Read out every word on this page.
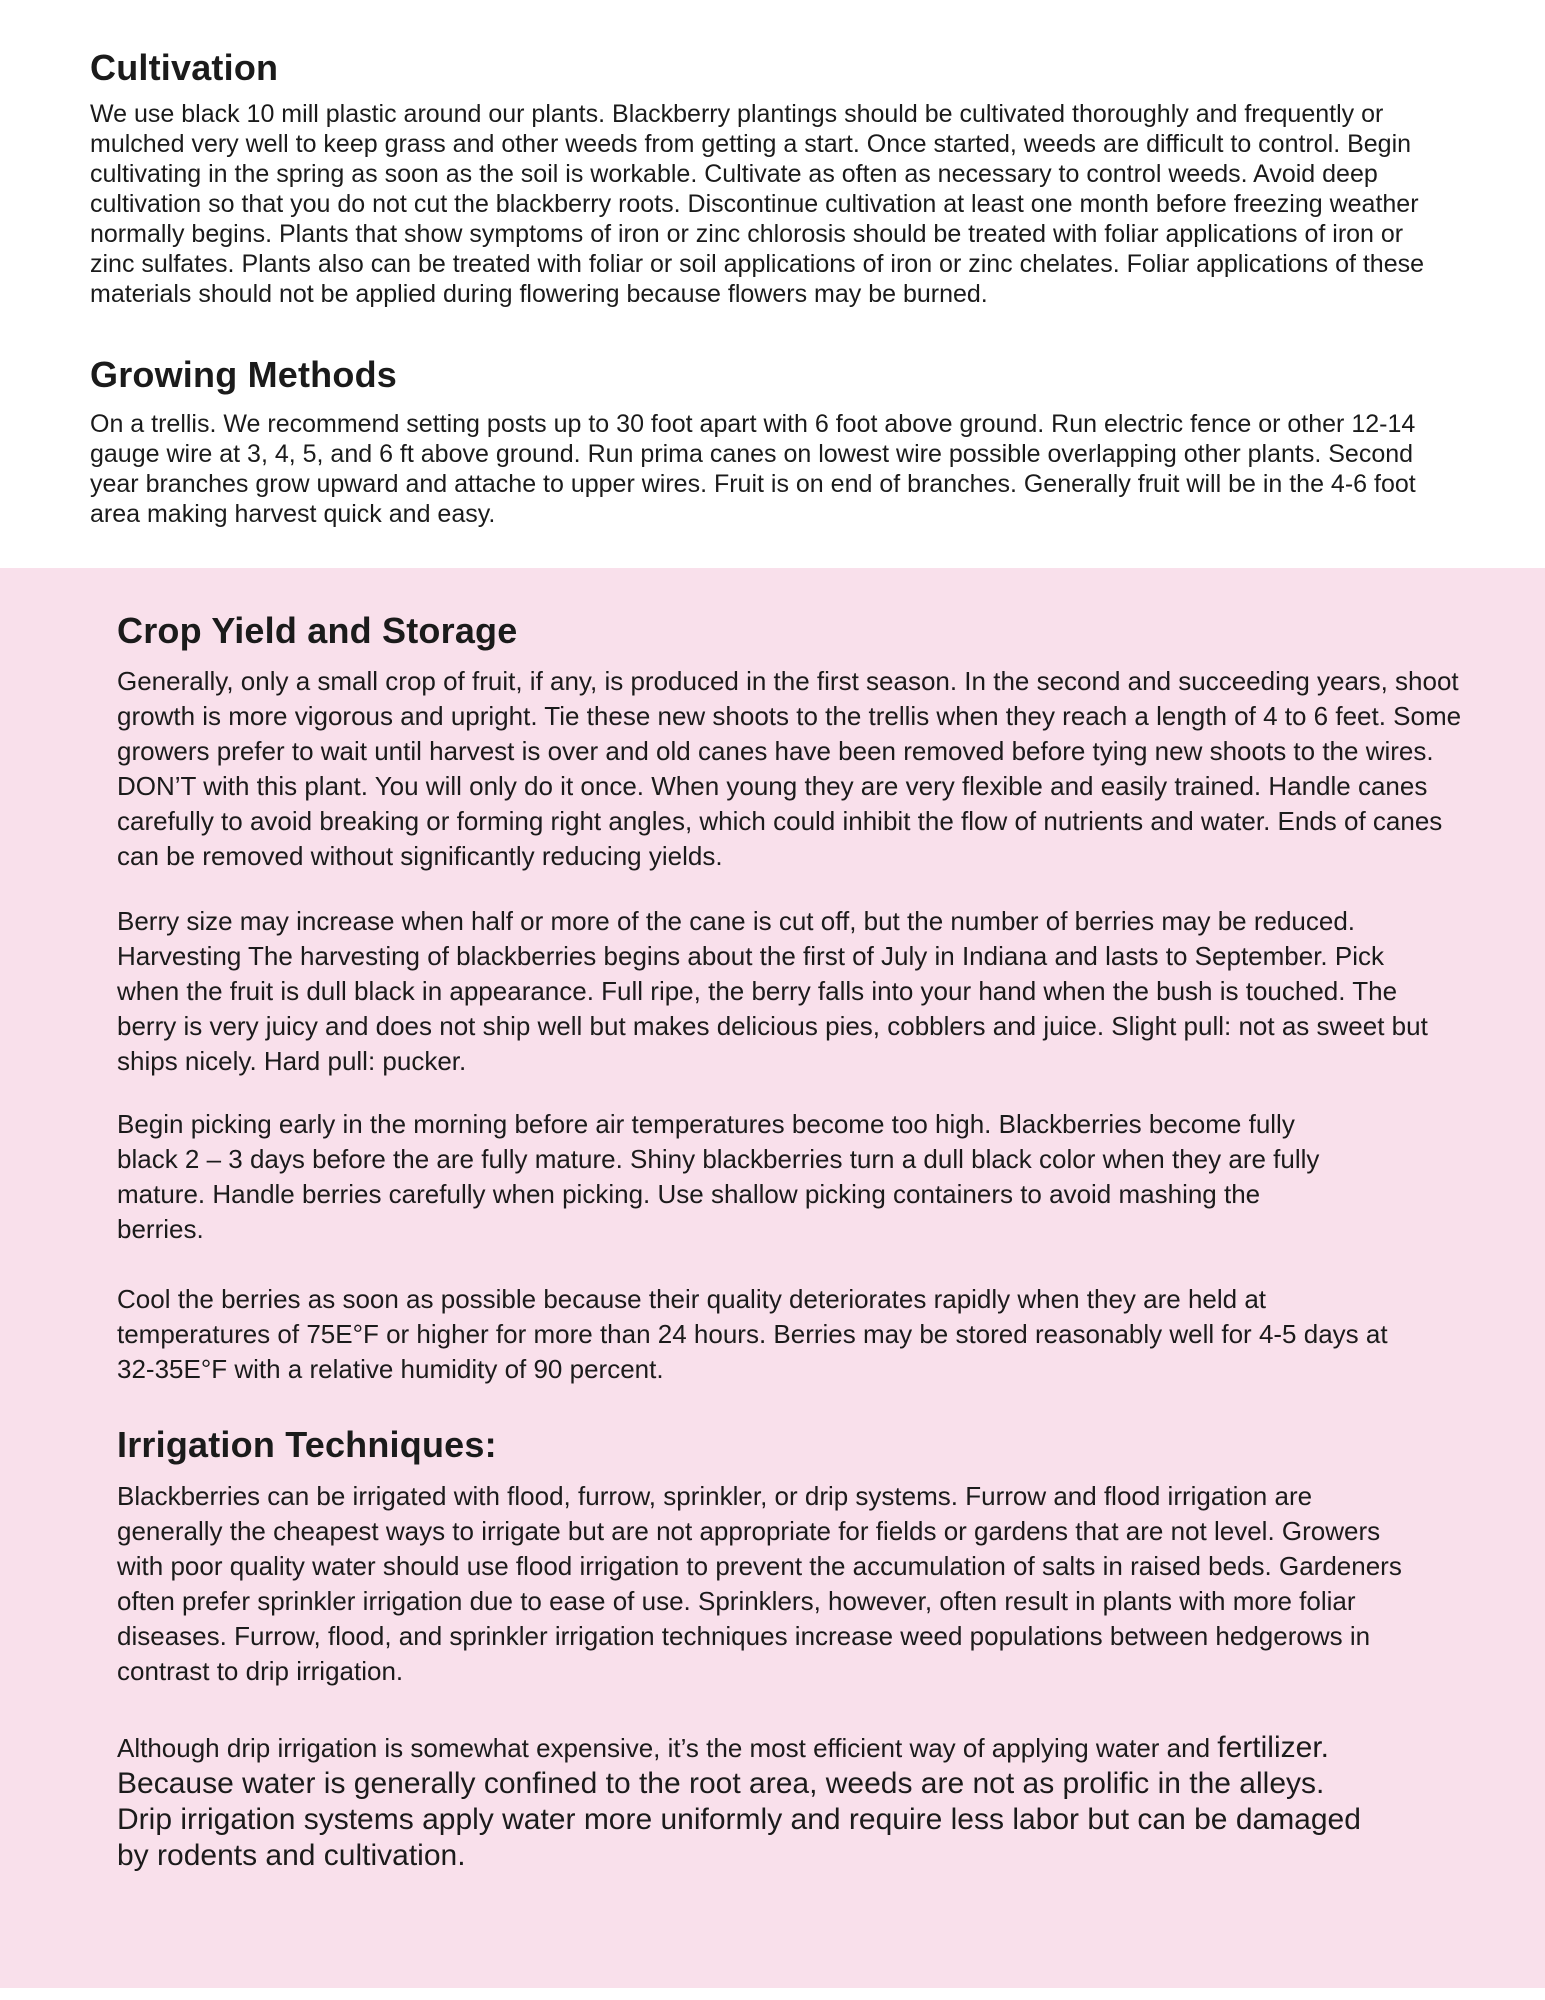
Cultivation

We use black 10 mill plastic around our plants. Blackberry plantings should be cultivated thoroughly and frequently or mulched very well to keep grass and other weeds from getting a start. Once started, weeds are difficult to control. Begin cultivating in the spring as soon as the soil is workable. Cultivate as often as necessary to control weeds. Avoid deep cultivation so that you do not cut the blackberry roots. Discontinue cultivation at least one month before freezing weather normally begins. Plants that show symptoms of iron or zinc chlorosis should be treated with foliar applications of iron or zinc sulfates. Plants also can be treated with foliar or soil applications of iron or zinc chelates. Foliar applications of these materials should not be applied during flowering because flowers may be burned.

Growing Methods

On a trellis. We recommend setting posts up to 30 foot apart with 6 foot above ground. Run electric fence or other 12-14 gauge wire at 3, 4, 5, and 6 ft above ground. Run prima canes on lowest wire possible overlapping other plants. Second year branches grow upward and attache to upper wires. Fruit is on end of branches. Generally fruit will be in the 4-6 foot area making harvest quick and easy.

Crop Yield and Storage

Generally, only a small crop of fruit, if any, is produced in the first season. In the second and succeeding years, shoot growth is more vigorous and upright. Tie these new shoots to the trellis when they reach a length of 4 to 6 feet. Some growers prefer to wait until harvest is over and old canes have been removed before tying new shoots to the wires. DON’T with this plant. You will only do it once. When young they are very flexible and easily trained. Handle canes carefully to avoid breaking or forming right angles, which could inhibit the flow of nutrients and water. Ends of canes can be removed without significantly reducing yields.

Berry size may increase when half or more of the cane is cut off, but the number of berries may be reduced. Harvesting The harvesting of blackberries begins about the first of July in Indiana and lasts to September. Pick when the fruit is dull black in appearance. Full ripe, the berry falls into your hand when the bush is touched. The berry is very juicy and does not ship well but makes delicious pies, cobblers and juice. Slight pull: not as sweet but ships nicely. Hard pull: pucker.

Begin picking early in the morning before air temperatures become too high. Blackberries become fully black 2 – 3 days before the are fully mature. Shiny blackberries turn a dull black color when they are fully mature. Handle berries carefully when picking. Use shallow picking containers to avoid mashing the berries.

Cool the berries as soon as possible because their quality deteriorates rapidly when they are held at temperatures of 75E°F or higher for more than 24 hours. Berries may be stored reasonably well for 4-5 days at 32-35E°F with a relative humidity of 90 percent.

Irrigation Techniques:

Blackberries can be irrigated with flood, furrow, sprinkler, or drip systems. Furrow and flood irrigation are generally the cheapest ways to irrigate but are not appropriate for fields or gardens that are not level. Growers with poor quality water should use flood irrigation to prevent the accumulation of salts in raised beds. Gardeners often prefer sprinkler irrigation due to ease of use. Sprinklers, however, often result in plants with more foliar diseases. Furrow, flood, and sprinkler irrigation techniques increase weed populations between hedgerows in contrast to drip irrigation.

Although drip irrigation is somewhat expensive, it’s the most efficient way of applying water and fertilizer. Because water is generally confined to the root area, weeds are not as prolific in the alleys. Drip irrigation systems apply water more uniformly and require less labor but can be damaged by rodents and cultivation.
